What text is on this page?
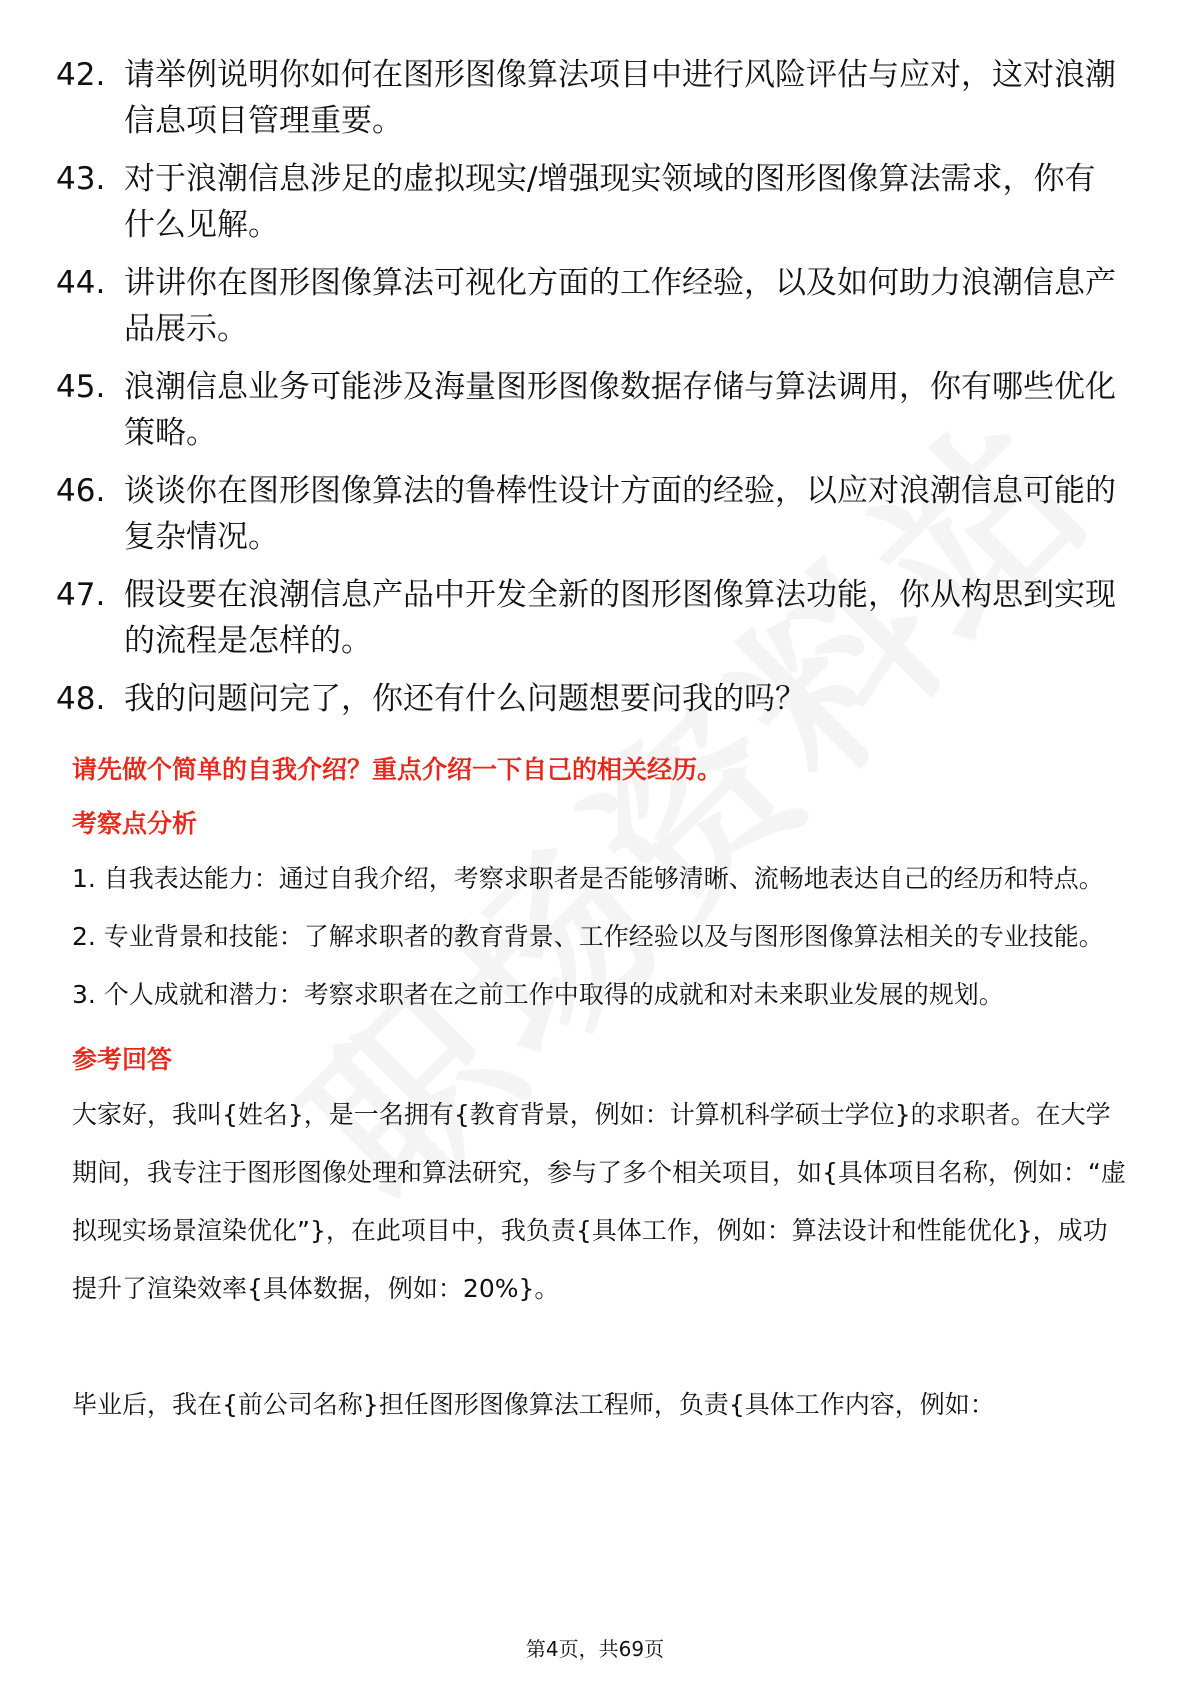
42. 请举例说明你如何在图形图像算法项目中进行风险评估与应对，这对浪潮信息项目管理重要。
43. 对于浪潮信息涉足的虚拟现实/增强现实领域的图形图像算法需求，你有什么见解。
44. 讲讲你在图形图像算法可视化方面的工作经验，以及如何助力浪潮信息产品展示。
45. 浪潮信息业务可能涉及海量图形图像数据存储与算法调用，你有哪些优化策略。
46. 谈谈你在图形图像算法的鲁棒性设计方面的经验，以应对浪潮信息可能的复杂情况。
47. 假设要在浪潮信息产品中开发全新的图形图像算法功能，你从构思到实现的流程是怎样的。
48. 我的问题问完了，你还有什么问题想要问我的吗？

请先做个简单的自我介绍？重点介绍一下自己的相关经历。

考察点分析

1. 自我表达能力：通过自我介绍，考察求职者是否能够清晰、流畅地表达自己的经历和特点。

2. 专业背景和技能：了解求职者的教育背景、工作经验以及与图形图像算法相关的专业技能。

3. 个人成就和潜力：考察求职者在之前工作中取得的成就和对未来职业发展的规划。

参考回答

大家好，我叫{姓名}，是一名拥有{教育背景，例如：计算机科学硕士学位}的求职者。在大学期间，我专注于图形图像处理和算法研究，参与了多个相关项目，如{具体项目名称，例如：“虚拟现实场景渲染优化”}，在此项目中，我负责{具体工作，例如：算法设计和性能优化}，成功提升了渲染效率{具体数据，例如：20%}。

毕业后，我在{前公司名称}担任图形图像算法工程师，负责{具体工作内容，例如：

第4页，共69页
